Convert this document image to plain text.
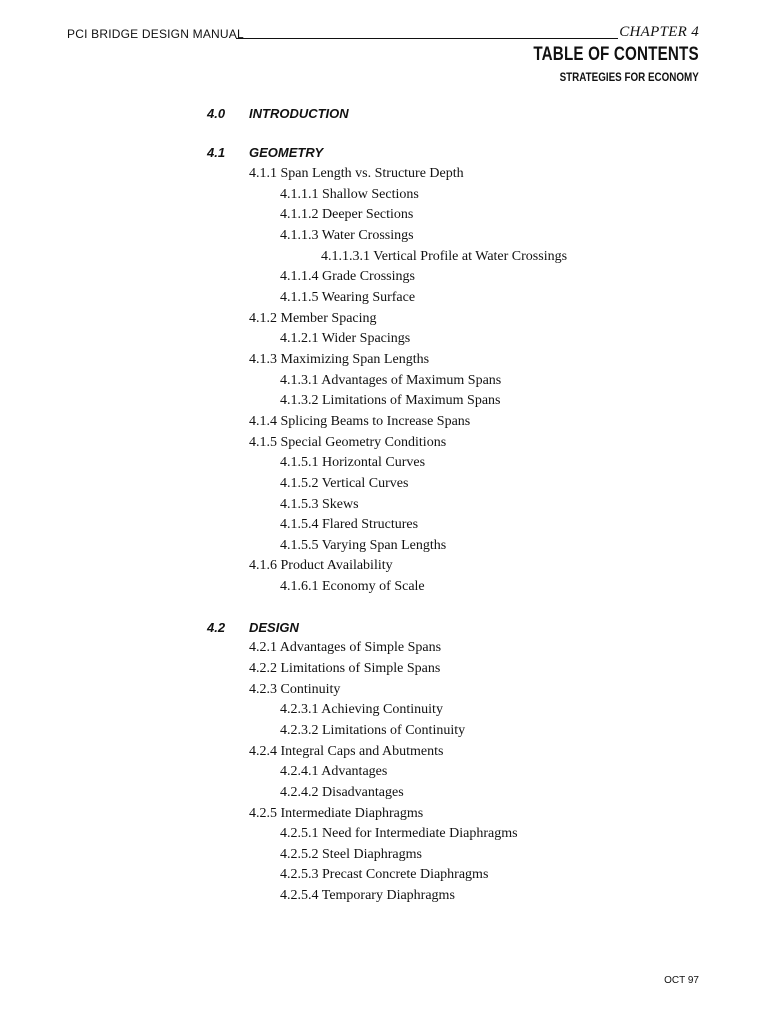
PCI BRIDGE DESIGN MANUAL	CHAPTER 4
TABLE OF CONTENTS
STRATEGIES FOR ECONOMY
4.0 INTRODUCTION
4.1 GEOMETRY
4.1.1 Span Length vs. Structure Depth
4.1.1.1 Shallow Sections
4.1.1.2 Deeper Sections
4.1.1.3 Water Crossings
4.1.1.3.1 Vertical Profile at Water Crossings
4.1.1.4 Grade Crossings
4.1.1.5 Wearing Surface
4.1.2 Member Spacing
4.1.2.1 Wider Spacings
4.1.3 Maximizing Span Lengths
4.1.3.1 Advantages of Maximum Spans
4.1.3.2 Limitations of Maximum Spans
4.1.4 Splicing Beams to Increase Spans
4.1.5 Special Geometry Conditions
4.1.5.1 Horizontal Curves
4.1.5.2 Vertical Curves
4.1.5.3 Skews
4.1.5.4 Flared Structures
4.1.5.5 Varying Span Lengths
4.1.6 Product Availability
4.1.6.1 Economy of Scale
4.2 DESIGN
4.2.1 Advantages of Simple Spans
4.2.2 Limitations of Simple Spans
4.2.3 Continuity
4.2.3.1 Achieving Continuity
4.2.3.2 Limitations of Continuity
4.2.4 Integral Caps and Abutments
4.2.4.1 Advantages
4.2.4.2 Disadvantages
4.2.5 Intermediate Diaphragms
4.2.5.1 Need for Intermediate Diaphragms
4.2.5.2 Steel Diaphragms
4.2.5.3 Precast Concrete Diaphragms
4.2.5.4 Temporary Diaphragms
OCT 97
